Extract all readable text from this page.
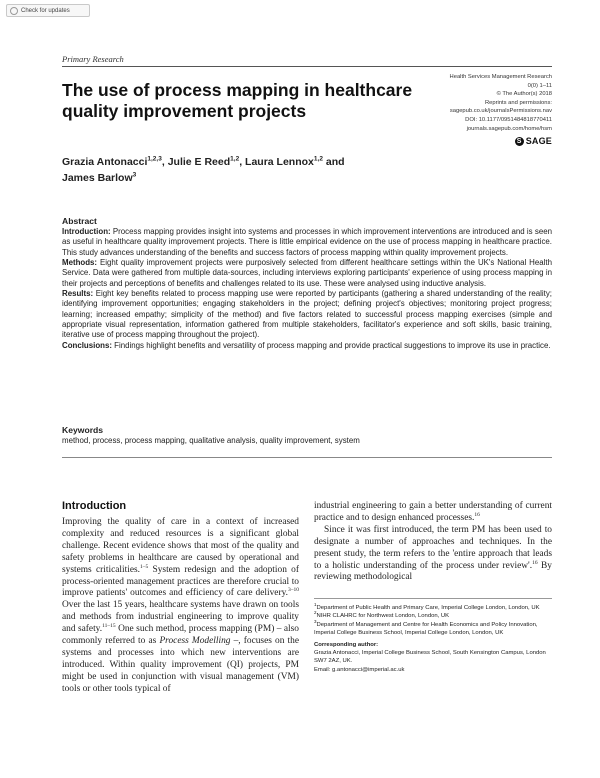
Check for updates
Primary Research
Health Services Management Research
0(0) 1–11
© The Author(s) 2018
Reprints and permissions:
sagepub.co.uk/journalsPermissions.nav
DOI: 10.1177/0951484818770411
journals.sagepub.com/home/hsm
S SAGE
The use of process mapping in healthcare quality improvement projects
Grazia Antonacci$^{1,2,3}$, Julie E Reed$^{1,2}$, Laura Lennox$^{1,2}$ and
James Barlow$^3$
Abstract

Introduction: Process mapping provides insight into systems and processes in which improvement interventions are introduced and is seen as useful in healthcare quality improvement projects. There is little empirical evidence on the use of process mapping in healthcare practice. This study advances understanding of the benefits and success factors of process mapping within quality improvement projects.

Methods: Eight quality improvement projects were purposively selected from different healthcare settings within the UK's National Health Service. Data were gathered from multiple data-sources, including interviews exploring participants' experience of using process mapping in their projects and perceptions of benefits and challenges related to its use. These were analysed using inductive analysis.

Results: Eight key benefits related to process mapping use were reported by participants (gathering a shared understanding of the reality; identifying improvement opportunities; engaging stakeholders in the project; defining project's objectives; monitoring project progress; learning; increased empathy; simplicity of the method) and five factors related to successful process mapping exercises (simple and appropriate visual representation, information gathered from multiple stakeholders, facilitator's experience and soft skills, basic training, iterative use of process mapping throughout the project).

Conclusions: Findings highlight benefits and versatility of process mapping and provide practical suggestions to improve its use in practice.

Keywords
method, process, process mapping, qualitative analysis, quality improvement, system
Introduction

Improving the quality of care in a context of increased complexity and reduced resources is a significant global challenge. Recent evidence shows that most of the quality and safety problems in healthcare are caused by operational and systems criticalities.$^{1-5}$ System redesign and the adoption of process-oriented management practices are therefore crucial to improve patients' outcomes and efficiency of care delivery.$^{3-10}$ Over the last 15 years, healthcare systems have drawn on tools and methods from industrial engineering to improve quality and safety.$^{11-15}$ One such method, process mapping (PM) – also commonly referred to as Process Modelling –, focuses on the systems and processes into which new interventions are introduced. Within quality improvement (QI) projects, PM might be used in conjunction with visual management (VM) tools or other tools typical of

industrial engineering to gain a better understanding of current practice and to design enhanced processes.$^{16}$

Since it was first introduced, the term PM has been used to designate a number of approaches and techniques. In the present study, the term refers to the 'entire approach that leads to a holistic understanding of the process under review'.$^{16}$ By reviewing methodological

$^1$Department of Public Health and Primary Care, Imperial College London, London, UK
$^2$NIHR CLAHRC for Northwest London, London, UK
$^3$Department of Management and Centre for Health Economics and Policy Innovation, Imperial College Business School, Imperial College London, London, UK
Corresponding author:
Grazia Antonacci, Imperial College Business School, South Kensington Campus, London SW7 2AZ, UK.
Email: g.antonacci@imperial.ac.uk
